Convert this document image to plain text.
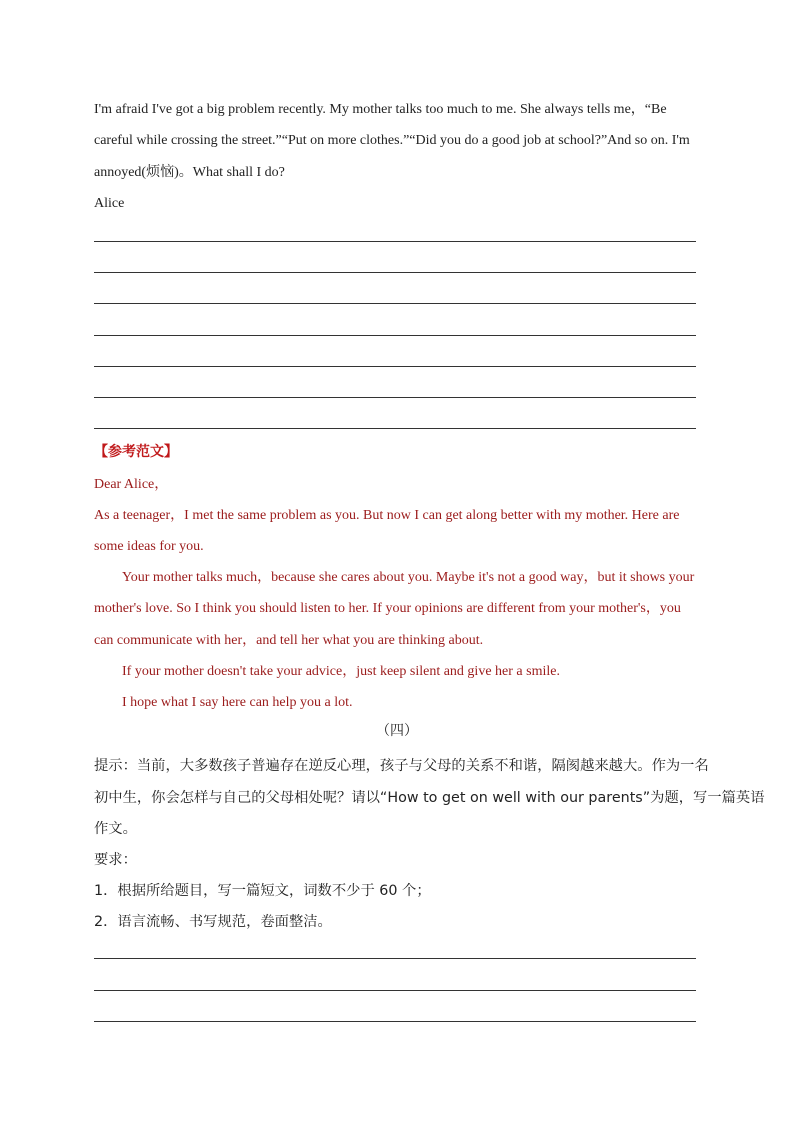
I'm afraid I've got a big problem recently. My mother talks too much to me. She always tells me，“Be
careful while crossing the street.”“Put on more clothes.”“Did you do a good job at school?”And so on. I'm
annoyed(烦恼)。What shall I do?
Alice
【参考范文】
Dear Alice，
As a teenager，I met the same problem as you. But now I can get along better with my mother. Here are
some ideas for you.
Your mother talks much，because she cares about you. Maybe it's not a good way，but it shows your
mother's love. So I think you should listen to her. If your opinions are different from your mother's，you
can communicate with her，and tell her what you are thinking about.
If your mother doesn't take your advice，just keep silent and give her a smile.
I hope what I say here can help you a lot.
（四）
提示：当前，大多数孩子普遍存在逆反心理，孩子与父母的关系不和谐，隔阂越来越大。作为一名
初中生，你会怎样与自己的父母相处呢？请以“How to get on well with our parents”为题，写一篇英语
作文。
要求：
1．根据所给题目，写一篇短文，词数不少于 60 个；
2．语言流畅、书写规范，卷面整洁。
